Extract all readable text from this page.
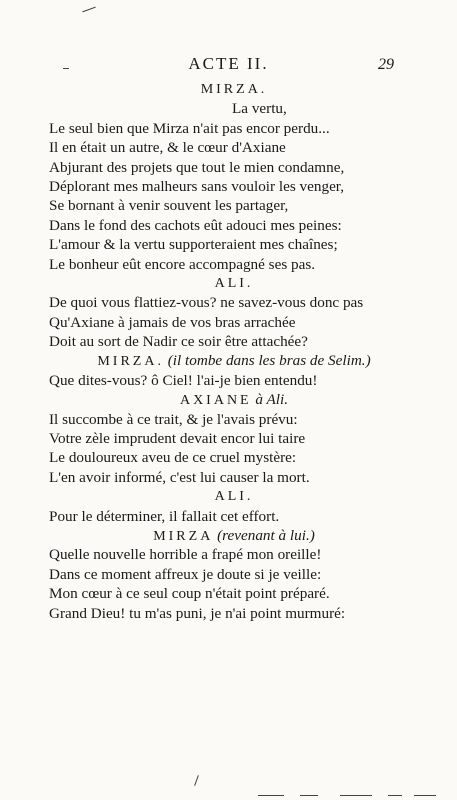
ACTE II.	29
MIRZA.
La vertu,
Le seul bien que Mirza n'ait pas encor perdu...
Il en était un autre, & le cœur d'Axiane
Abjurant des projets que tout le mien condamne,
Déplorant mes malheurs sans vouloir les venger,
Se bornant à venir souvent les partager,
Dans le fond des cachots eût adouci mes peines:
L'amour & la vertu supporteraient mes chaînes;
Le bonheur eût encore accompagné ses pas.
ALI.
De quoi vous flattiez-vous? ne savez-vous donc pas
Qu'Axiane à jamais de vos bras arrachée
Doit au sort de Nadir ce soir être attachée?
MIRZA. (il tombe dans les bras de Selim.)
Que dites-vous? ô Ciel! l'ai-je bien entendu!
AXIANE à Ali.
Il succombe à ce trait, & je l'avais prévu:
Votre zèle imprudent devait encor lui taire
Le douloureux aveu de ce cruel mystère:
L'en avoir informé, c'est lui causer la mort.
ALI.
Pour le déterminer, il fallait cet effort.
MIRZA (revenant à lui.)
Quelle nouvelle horrible a frapé mon oreille!
Dans ce moment affreux je doute si je veille:
Mon cœur à ce seul coup n'était point préparé.
Grand Dieu! tu m'as puni, je n'ai point murmuré:
